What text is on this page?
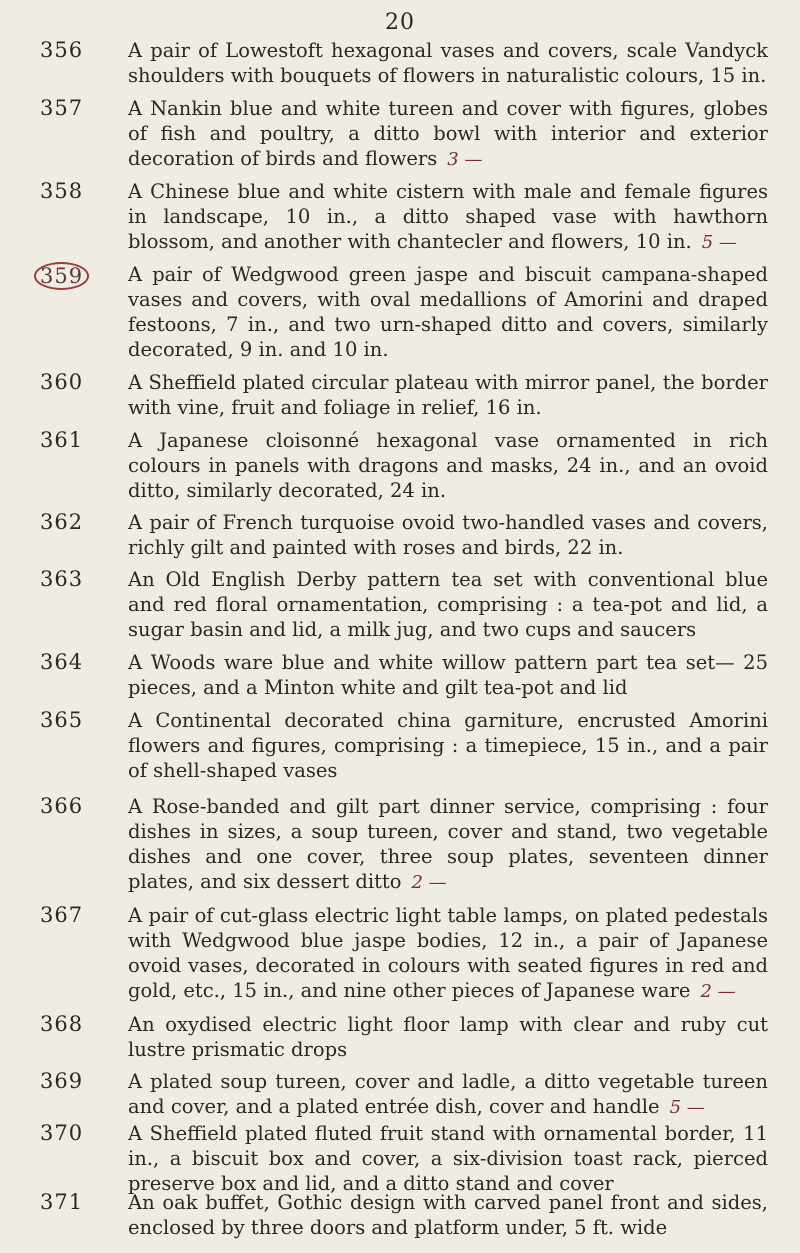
20
356 A pair of Lowestoft hexagonal vases and covers, scale Vandyck shoulders with bouquets of flowers in naturalistic colours, 15 in.
357 A Nankin blue and white tureen and cover with figures, globes of fish and poultry, a ditto bowl with interior and exterior decoration of birds and flowers 3 —
358 A Chinese blue and white cistern with male and female figures in landscape, 10 in., a ditto shaped vase with hawthorn blossom, and another with chantecler and flowers, 10 in. 5 —
359	A pair of Wedgwood green jaspe and biscuit campana-shaped vases and covers, with oval medallions of Amorini and draped festoons, 7 in., and two urn-shaped ditto and covers, similarly decorated, 9 in. and 10 in.
360 A Sheffield plated circular plateau with mirror panel, the border with vine, fruit and foliage in relief, 16 in.
361 A Japanese cloisonné hexagonal vase ornamented in rich colours in panels with dragons and masks, 24 in., and an ovoid ditto, similarly decorated, 24 in.
362 A pair of French turquoise ovoid two-handled vases and covers, richly gilt and painted with roses and birds, 22 in.
363 An Old English Derby pattern tea set with conventional blue and red floral ornamentation, comprising : a tea-pot and lid, a sugar basin and lid, a milk jug, and two cups and saucers
364 A Woods ware blue and white willow pattern part tea set— 25 pieces, and a Minton white and gilt tea-pot and lid
365 A Continental decorated china garniture, encrusted Amorini flowers and figures, comprising : a timepiece, 15 in., and a pair of shell-shaped vases
366 A Rose-banded and gilt part dinner service, comprising : four dishes in sizes, a soup tureen, cover and stand, two vegetable dishes and one cover, three soup plates, seventeen dinner plates, and six dessert ditto 2 —
367 A pair of cut-glass electric light table lamps, on plated pedestals with Wedgwood blue jaspe bodies, 12 in., a pair of Japanese ovoid vases, decorated in colours with seated figures in red and gold, etc., 15 in., and nine other pieces of Japanese ware 2 —
368 An oxydised electric light floor lamp with clear and ruby cut lustre prismatic drops
369 A plated soup tureen, cover and ladle, a ditto vegetable tureen and cover, and a plated entrée dish, cover and handle 5 —
370 A Sheffield plated fluted fruit stand with ornamental border, 11 in., a biscuit box and cover, a six-division toast rack, pierced preserve box and lid, and a ditto stand and cover
371 An oak buffet, Gothic design with carved panel front and sides, enclosed by three doors and platform under, 5 ft. wide
